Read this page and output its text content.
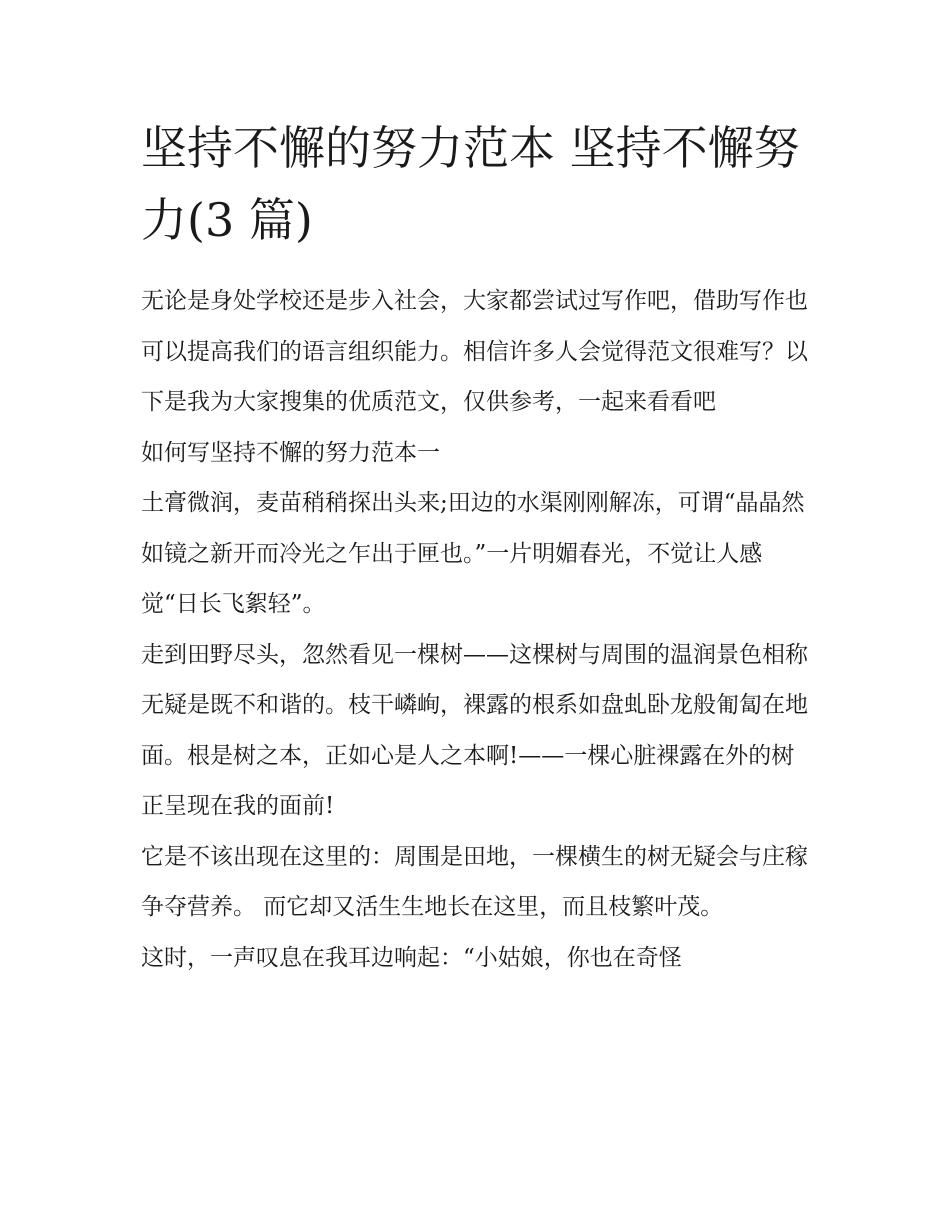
坚持不懈的努力范本 坚持不懈努力(3 篇)

无论是身处学校还是步入社会，大家都尝试过写作吧，借助写作也可以提高我们的语言组织能力。相信许多人会觉得范文很难写？以下是我为大家搜集的优质范文，仅供参考，一起来看看吧

如何写坚持不懈的努力范本一

土膏微润，麦苗稍稍探出头来;田边的水渠刚刚解冻，可谓“晶晶然如镜之新开而冷光之乍出于匣也。”一片明媚春光，不觉让人感觉“日长飞絮轻”。

走到田野尽头，忽然看见一棵树——这棵树与周围的温润景色相称无疑是既不和谐的。枝干嶙峋，裸露的根系如盘虬卧龙般匍匐在地面。根是树之本，正如心是人之本啊!——一棵心脏裸露在外的树正呈现在我的面前!

它是不该出现在这里的：周围是田地，一棵横生的树无疑会与庄稼争夺营养。 而它却又活生生地长在这里，而且枝繁叶茂。

这时，一声叹息在我耳边响起：“小姑娘，你也在奇怪
